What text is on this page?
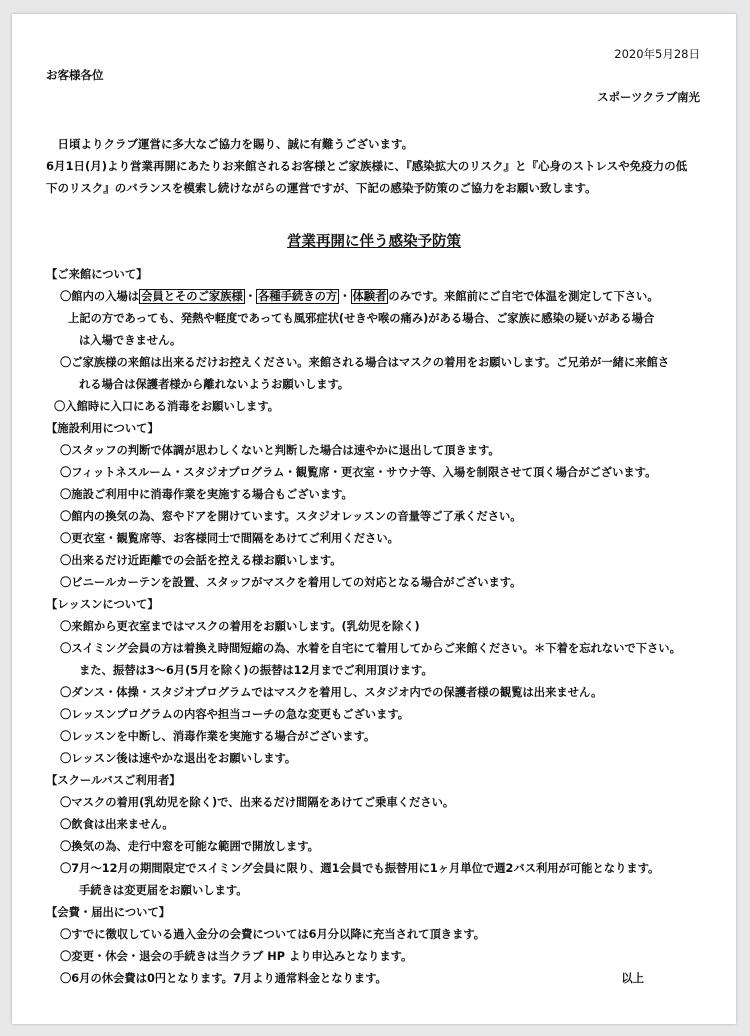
2020年5月28日
お客様各位
スポーツクラブ南光

　日頃よりクラブ運営に多大なご協力を賜り、誠に有難うございます。

6月1日(月)より営業再開にあたりお来館されるお客様とご家族様に、『感染拡大のリスク』と『心身のストレスや免疫力の低

下のリスク』のバランスを模索し続けながらの運営ですが、下記の感染予防策のご協力をお願い致します。

営業再開に伴う感染予防策
【ご来館について】
〇館内の入場は 会員とそのご家族様 ・ 各種手続きの方 ・ 体験者 のみです。来館前にご自宅で体温を測定して下さい。
上記の方であっても、発熱や軽度であっても風邪症状(せきや喉の痛み)がある場合、ご家族に感染の疑いがある場合
は入場できません。
〇ご家族様の来館は出来るだけお控えください。来館される場合はマスクの着用をお願いします。ご兄弟が一緒に来館さ
れる場合は保護者様から離れないようお願いします。
〇入館時に入口にある消毒をお願いします。
【施設利用について】
〇スタッフの判断で体調が思わしくないと判断した場合は速やかに退出して頂きます。
〇フィットネスルーム・スタジオプログラム・観覧席・更衣室・サウナ等、入場を制限させて頂く場合がございます。
〇施設ご利用中に消毒作業を実施する場合もございます。
〇館内の換気の為、窓やドアを開けています。スタジオレッスンの音量等ご了承ください。
〇更衣室・観覧席等、お客様同士で間隔をあけてご利用ください。
〇出来るだけ近距離での会話を控える様お願いします。
〇ビニールカーテンを設置、スタッフがマスクを着用しての対応となる場合がございます。
【レッスンについて】
〇来館から更衣室まではマスクの着用をお願いします。(乳幼児を除く)
〇スイミング会員の方は着換え時間短縮の為、水着を自宅にて着用してからご来館ください。＊下着を忘れないで下さい。
また、振替は3～6月(5月を除く)の振替は12月までご利用頂けます。
〇ダンス・体操・スタジオプログラムではマスクを着用し、スタジオ内での保護者様の観覧は出来ません。
〇レッスンプログラムの内容や担当コーチの急な変更もございます。
〇レッスンを中断し、消毒作業を実施する場合がございます。
〇レッスン後は速やかな退出をお願いします。
【スクールバスご利用者】
〇マスクの着用(乳幼児を除く)で、出来るだけ間隔をあけてご乗車ください。
〇飲食は出来ません。
〇換気の為、走行中窓を可能な範囲で開放します。
〇7月～12月の期間限定でスイミング会員に限り、週1会員でも振替用に1ヶ月単位で週2バス利用が可能となります。
手続きは変更届をお願いします。
【会費・届出について】
〇すでに徴収している過入金分の会費については6月分以降に充当されて頂きます。
〇変更・休会・退会の手続きは当クラブ HP より申込みとなります。
〇6月の休会費は0円となります。7月より通常料金となります。	以上
